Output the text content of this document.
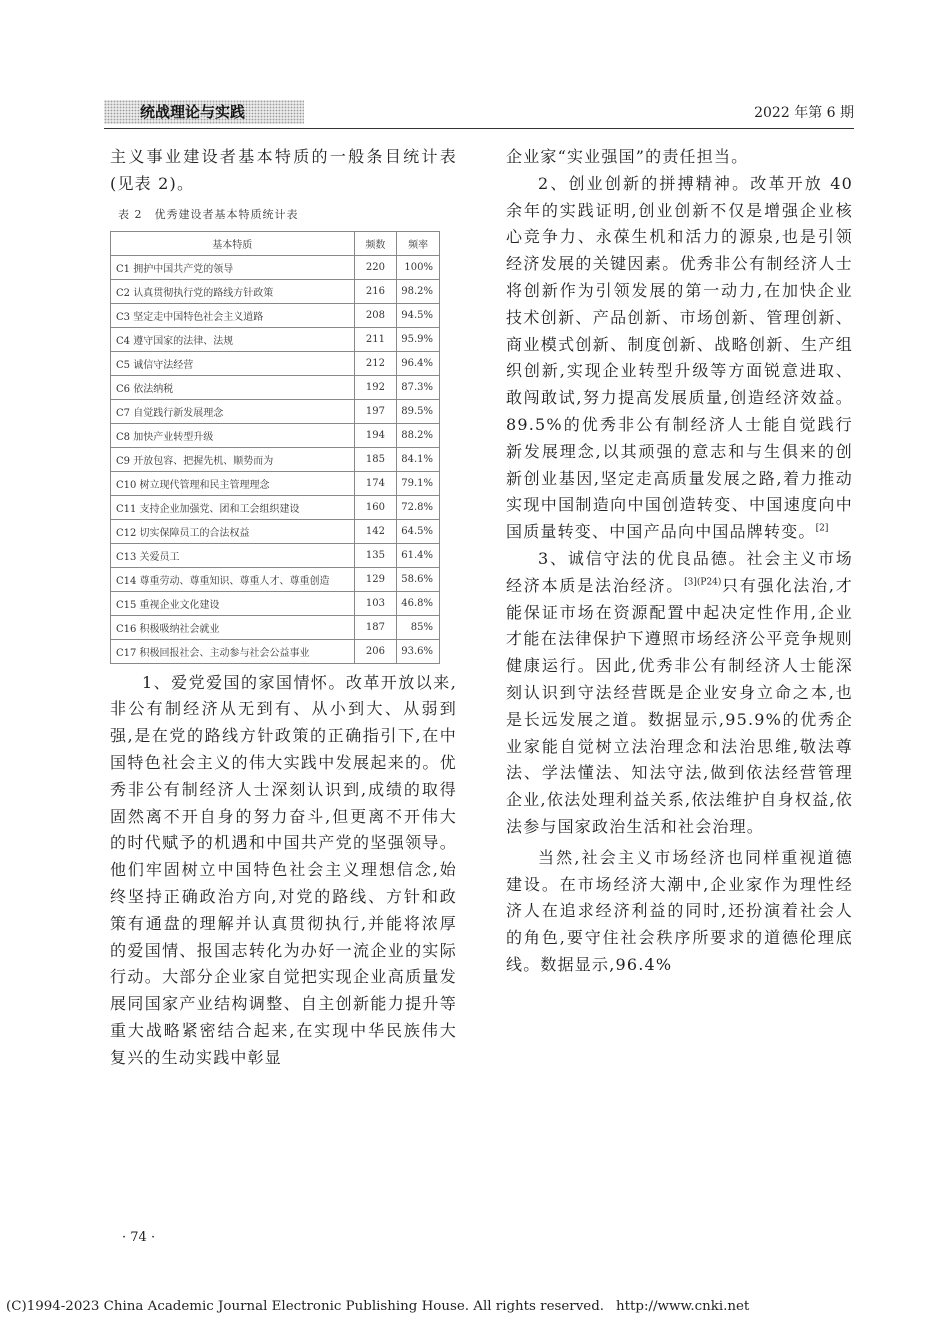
统战理论与实践	2022 年第 6 期

主义事业建设者基本特质的一般条目统计表(见表 2)。

表 2　优秀建设者基本特质统计表
基本特质	频数	频率
C1 拥护中国共产党的领导	220	100%
C2 认真贯彻执行党的路线方针政策	216	98.2%
C3 坚定走中国特色社会主义道路	208	94.5%
C4 遵守国家的法律、法规	211	95.9%
C5 诚信守法经营	212	96.4%
C6 依法纳税	192	87.3%
C7 自觉践行新发展理念	197	89.5%
C8 加快产业转型升级	194	88.2%
C9 开放包容、把握先机、顺势而为	185	84.1%
C10 树立现代管理和民主管理理念	174	79.1%
C11 支持企业加强党、团和工会组织建设	160	72.8%
C12 切实保障员工的合法权益	142	64.5%
C13 关爱员工	135	61.4%
C14 尊重劳动、尊重知识、尊重人才、尊重创造	129	58.6%
C15 重视企业文化建设	103	46.8%
C16 积极吸纳社会就业	187	85%
C17 积极回报社会、主动参与社会公益事业	206	93.6%

1、爱党爱国的家国情怀。改革开放以来,非公有制经济从无到有、从小到大、从弱到强,是在党的路线方针政策的正确指引下,在中国特色社会主义的伟大实践中发展起来的。优秀非公有制经济人士深刻认识到,成绩的取得固然离不开自身的努力奋斗,但更离不开伟大的时代赋予的机遇和中国共产党的坚强领导。他们牢固树立中国特色社会主义理想信念,始终坚持正确政治方向,对党的路线、方针和政策有通盘的理解并认真贯彻执行,并能将浓厚的爱国情、报国志转化为办好一流企业的实际行动。大部分企业家自觉把实现企业高质量发展同国家产业结构调整、自主创新能力提升等重大战略紧密结合起来,在实现中华民族伟大复兴的生动实践中彰显

企业家“实业强国”的责任担当。

2、创业创新的拼搏精神。改革开放 40 余年的实践证明,创业创新不仅是增强企业核心竞争力、永葆生机和活力的源泉,也是引领经济发展的关键因素。优秀非公有制经济人士将创新作为引领发展的第一动力,在加快企业技术创新、产品创新、市场创新、管理创新、商业模式创新、制度创新、战略创新、生产组织创新,实现企业转型升级等方面锐意进取、敢闯敢试,努力提高发展质量,创造经济效益。89.5%的优秀非公有制经济人士能自觉践行新发展理念,以其顽强的意志和与生俱来的创新创业基因,坚定走高质量发展之路,着力推动实现中国制造向中国创造转变、中国速度向中国质量转变、中国产品向中国品牌转变。[2]

3、诚信守法的优良品德。社会主义市场经济本质是法治经济。$^{[3](P24)}$只有强化法治,才能保证市场在资源配置中起决定性作用,企业才能在法律保护下遵照市场经济公平竞争规则健康运行。因此,优秀非公有制经济人士能深刻认识到守法经营既是企业安身立命之本,也是长远发展之道。数据显示,95.9%的优秀企业家能自觉树立法治理念和法治思维,敬法尊法、学法懂法、知法守法,做到依法经营管理企业,依法处理利益关系,依法维护自身权益,依法参与国家政治生活和社会治理。

当然,社会主义市场经济也同样重视道德建设。在市场经济大潮中,企业家作为理性经济人在追求经济利益的同时,还扮演着社会人的角色,要守住社会秩序所要求的道德伦理底线。数据显示,96.4%

· 74 ·
(C)1994-2023 China Academic Journal Electronic Publishing House. All rights reserved. http://www.cnki.net
